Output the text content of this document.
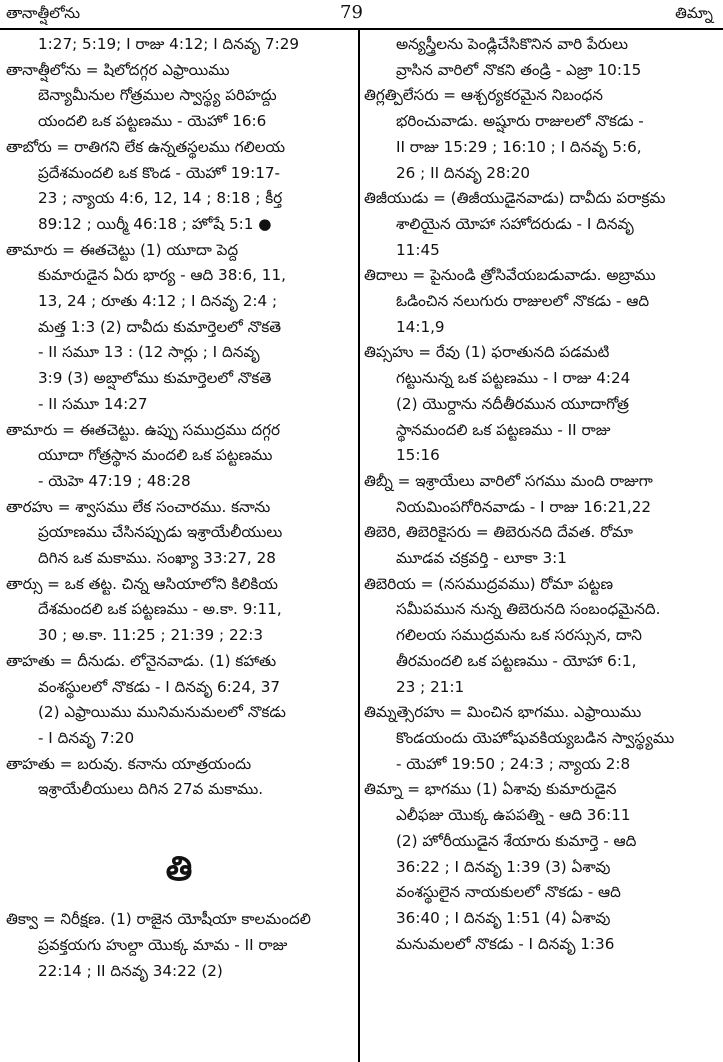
తానాత్షీలోను	79	తిమ్నా

1:27; 5:19; I రాజు 4:12; I దినవృ 7:29

తానాత్షీలోను = షిలోదగ్గర ఎఫ్రాయిము

బెన్యామీనుల గోత్రముల స్వాస్థ్య పరిహద్దు

యందలి ఒక పట్టణము - యెహో 16:6

తాబోరు = రాతిగని లేక ఉన్నతస్థలము గలిలయ

ప్రదేశమందలి ఒక కొండ - యెహో 19:17-

23 ; న్యాయ 4:6, 12, 14 ; 8:18 ; కీర్త

89:12 ; యిర్మీ 46:18 ; హోషే 5:1 ●

తామారు = ఈతచెట్టు (1) యూదా పెద్ద

కుమారుడైన ఏరు భార్య - ఆది 38:6, 11,

13, 24 ; రూతు 4:12 ; I దినవృ 2:4 ;

మత్త 1:3 (2) దావీదు కుమార్తెలలో నొకతె

- II సమూ 13 : (12 సార్లు ; I దినవృ

3:9 (3) అబ్షాలోము కుమార్తెలలో నొకతె

- II సమూ 14:27

తామారు = ఈతచెట్టు. ఉప్పు సముద్రము దగ్గర

యూదా గోత్రస్థాన మందలి ఒక పట్టణము

- యెహె 47:19 ; 48:28

తారహు = శ్వాసము లేక సంచారము. కనాను

ప్రయాణము చేసినప్పుడు ఇశ్రాయేలీయులు

దిగిన ఒక మకాము. సంఖ్యా 33:27, 28

తార్సు = ఒక తట్ట. చిన్న ఆసియాలోని కిలికియ

దేశమందలి ఒక పట్టణము - అ.కా. 9:11,

30 ; అ.కా. 11:25 ; 21:39 ; 22:3

తాహతు = దీనుడు. లోనైనవాడు. (1) కహాతు

వంశస్థులలో నొకడు - I దినవృ 6:24, 37

(2) ఎఫ్రాయిము మునిమనుమలలో నొకడు

- I దినవృ 7:20

తాహతు = బరువు. కనాను యాత్రయందు

ఇశ్రాయేలీయులు దిగిన 27వ మకాము.

తి

తిక్వా = నిరీక్షణ. (1) రాజైన యోషీయా కాలమందలి

ప్రవక్తయగు హుల్దా యొక్క మామ - II రాజు

22:14 ; II దినవృ 34:22 (2)

అన్యస్త్రీలను పెండ్లిచేసికొనిన వారి పేరులు

వ్రాసిన వారిలో నొకని తండ్రి - ఎజ్రా 10:15

తిగ్లత్పిలేసరు = ఆశ్చర్యకరమైన నిబంధన

భరించువాడు. అష్షూరు రాజులలో నొకడు -

II రాజు 15:29 ; 16:10 ; I దినవృ 5:6,

26 ; II దినవృ 28:20

తిజీయుడు = (తిజీయుడైనవాడు) దావీదు పరాక్రమ

శాలియైన యోహా సహోదరుడు - I దినవృ

11:45

తిదాలు = పైనుండి త్రోసివేయబడువాడు. అబ్రాము

ఓడించిన నలుగురు రాజులలో నొకడు - ఆది

14:1,9

తిప్సహు = రేవు (1) ఫరాతునది పడమటి

గట్టునున్న ఒక పట్టణము - I రాజు 4:24

(2) యొర్దాను నదీతీరమున యూదాగోత్ర

స్థానమందలి ఒక పట్టణము - II రాజు

15:16

తిబ్నీ = ఇశ్రాయేలు వారిలో సగము మంది రాజుగా

నియమింపగోరినవాడు - I రాజు 16:21,22

తిబెరి, తిబెరికైసరు = తిబెరునది దేవత. రోమా

మూడవ చక్రవర్తి - లూకా 3:1

తిబెరియ = (నసముద్రవము) రోమా పట్టణ

సమీపమున నున్న తిబెరునది సంబంధమైనది.

గలిలయ సముద్రమను ఒక సరస్సున, దాని

తీరమందలి ఒక పట్టణము - యోహా 6:1,

23 ; 21:1

తిమ్నత్సెరహు = మించిన భాగము. ఎఫ్రాయిము

కొండయందు యెహోషువకియ్యబడిన స్వాస్థ్యము

- యెహో 19:50 ; 24:3 ; న్యాయ 2:8

తిమ్నా = భాగము (1) ఏశావు కుమారుడైన

ఎలీఫజు యొక్క ఉపపత్ని - ఆది 36:11

(2) హోరీయుడైన శేయారు కుమార్తె - ఆది

36:22 ; I దినవృ 1:39 (3) ఏశావు

వంశస్థులైన నాయకులలో నొకడు - ఆది

36:40 ; I దినవృ 1:51 (4) ఏశావు

మనుమలలో నొకడు - I దినవృ 1:36
